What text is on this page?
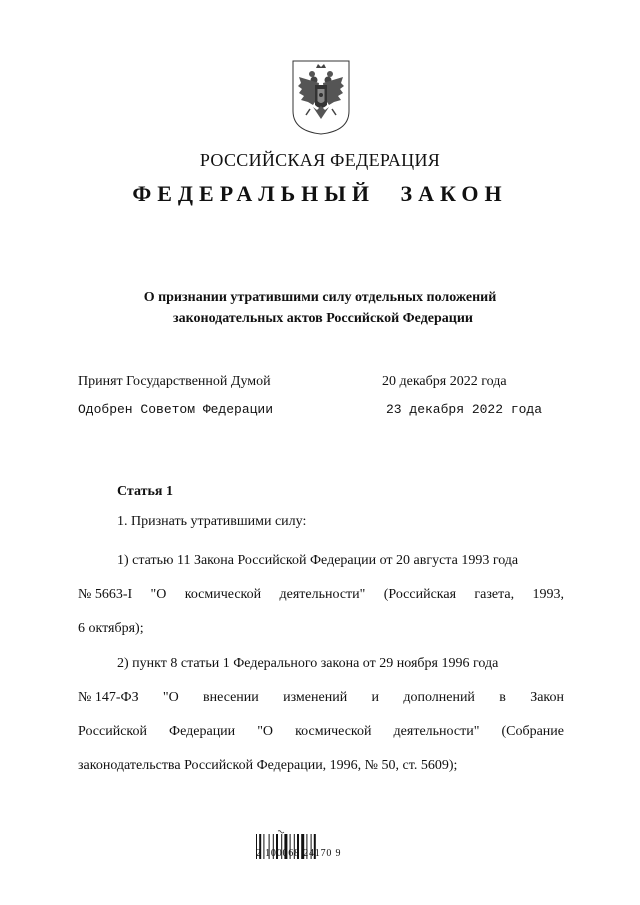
РОССИЙСКАЯ ФЕДЕРАЦИЯ
ФЕДЕРАЛЬНЫЙ ЗАКОН
О признании утратившими силу отдельных положений
законодательных актов Российской Федерации
Принят Государственной Думой	20 декабря 2022 года
Одобрен Советом Федерации	23 декабря 2022 года
Статья 1
1. Признать утратившими силу:
1) статью 11 Закона Российской Федерации от 20 августа 1993 года
№ 5663-I "О космической деятельности" (Российская газета, 1993,
6 октября);
2) пункт 8 статьи 1 Федерального закона от 29 ноября 1996 года
№ 147-ФЗ "О внесении изменений и дополнений в Закон
Российской Федерации "О космической деятельности" (Собрание
законодательства Российской Федерации, 1996, № 50, ст. 5609);
2 100068 24170 9
